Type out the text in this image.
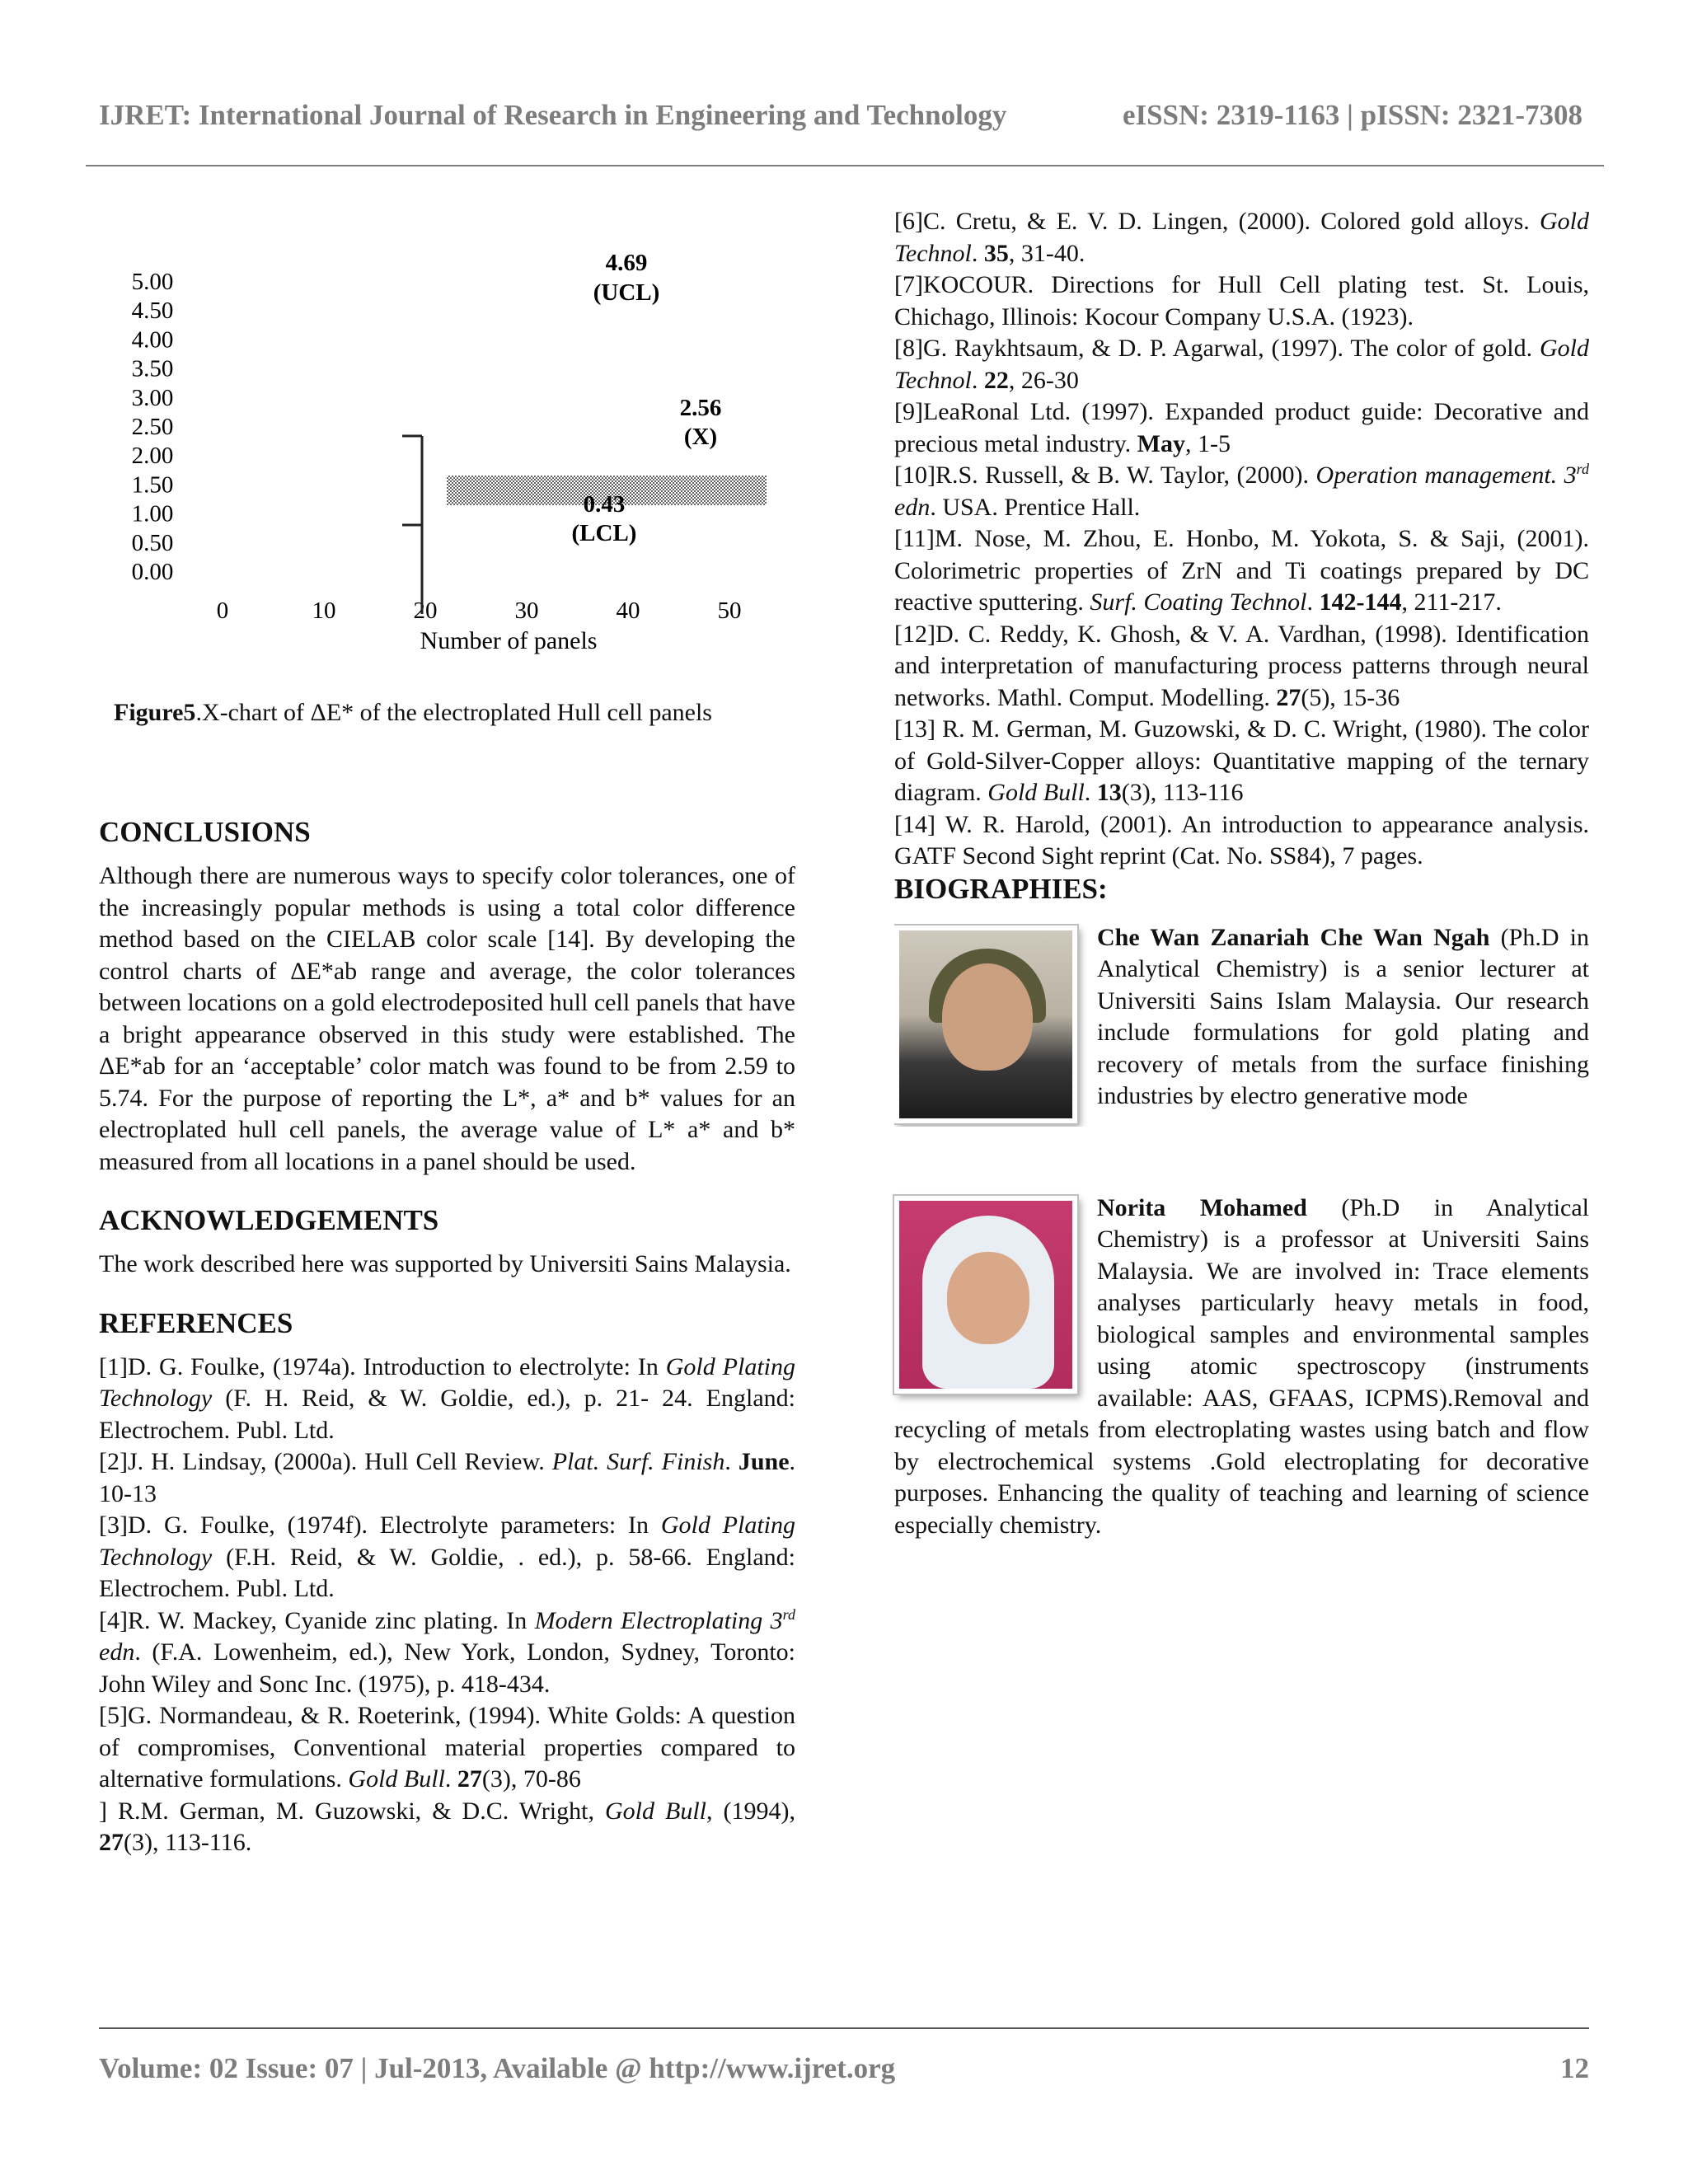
IJRET: International Journal of Research in Engineering and Technology	eISSN: 2319-1163 | pISSN: 2321-7308
5.00
4.50
4.00
3.50
3.00
2.50
2.00
1.50
1.00
0.50
0.00
0	10	20	30	40	50
4.69
(UCL)
2.56
(X)
0.43
(LCL)
Number of panels
Figure5.X-chart of ΔE* of the electroplated Hull cell panels
CONCLUSIONS

Although there are numerous ways to specify color tolerances, one of the increasingly popular methods is using a total color difference method based on the CIELAB color scale [14]. By developing the control charts of ΔE*ab range and average, the color tolerances between locations on a gold electrodeposited hull cell panels that have a bright appearance observed in this study were established. The ΔE*ab for an ‘acceptable’ color match was found to be from 2.59 to 5.74. For the purpose of reporting the L*, a* and b* values for an electroplated hull cell panels, the average value of L* a* and b* measured from all locations in a panel should be used.

ACKNOWLEDGEMENTS

The work described here was supported by Universiti Sains Malaysia.

REFERENCES

[1]D. G. Foulke, (1974a). Introduction to electrolyte: In Gold Plating Technology (F. H. Reid, & W. Goldie, ed.), p. 21- 24. England: Electrochem. Publ. Ltd.

[2]J. H. Lindsay, (2000a). Hull Cell Review. Plat. Surf. Finish. June. 10-13

[3]D. G. Foulke, (1974f). Electrolyte parameters: In Gold Plating Technology (F.H. Reid, & W. Goldie, . ed.), p. 58-66. England: Electrochem. Publ. Ltd.

[4]R. W. Mackey, Cyanide zinc plating. In Modern Electroplating 3rd edn. (F.A. Lowenheim, ed.), New York, London, Sydney, Toronto: John Wiley and Sonc Inc. (1975), p. 418-434.

[5]G. Normandeau, & R. Roeterink, (1994). White Golds: A question of compromises, Conventional material properties compared to alternative formulations. Gold Bull. 27(3), 70-86

] R.M. German, M. Guzowski, & D.C. Wright, Gold Bull, (1994), 27(3), 113-116.

[6]C. Cretu, & E. V. D. Lingen, (2000). Colored gold alloys. Gold Technol. 35, 31-40.

[7]KOCOUR. Directions for Hull Cell plating test. St. Louis, Chichago, Illinois: Kocour Company U.S.A. (1923).

[8]G. Raykhtsaum, & D. P. Agarwal, (1997). The color of gold. Gold Technol. 22, 26-30

[9]LeaRonal Ltd. (1997). Expanded product guide: Decorative and precious metal industry. May, 1-5

[10]R.S. Russell, & B. W. Taylor, (2000). Operation management. 3rd edn. USA. Prentice Hall.

[11]M. Nose, M. Zhou, E. Honbo, M. Yokota, S. & Saji, (2001). Colorimetric properties of ZrN and Ti coatings prepared by DC reactive sputtering. Surf. Coating Technol. 142-144, 211-217.

[12]D. C. Reddy, K. Ghosh, & V. A. Vardhan, (1998). Identification and interpretation of manufacturing process patterns through neural networks. Mathl. Comput. Modelling. 27(5), 15-36

[13] R. M. German, M. Guzowski, & D. C. Wright, (1980). The color of Gold-Silver-Copper alloys: Quantitative mapping of the ternary diagram. Gold Bull. 13(3), 113-116

[14] W. R. Harold, (2001). An introduction to appearance analysis. GATF Second Sight reprint (Cat. No. SS84), 7 pages.

BIOGRAPHIES:
Che Wan Zanariah Che Wan Ngah (Ph.D in Analytical Chemistry) is a senior lecturer at Universiti Sains Islam Malaysia. Our research include formulations for gold plating and recovery of metals from the surface finishing industries by electro generative mode
Norita Mohamed (Ph.D in Analytical Chemistry) is a professor at Universiti Sains Malaysia. We are involved in: Trace elements analyses particularly heavy metals in food, biological samples and environmental samples using atomic spectroscopy (instruments available: AAS, GFAAS, ICPMS).Removal and recycling of metals from electroplating wastes using batch and flow by electrochemical systems .Gold electroplating for decorative purposes. Enhancing the quality of teaching and learning of science especially chemistry.
Volume: 02 Issue: 07 | Jul-2013, Available @ http://www.ijret.org	12
